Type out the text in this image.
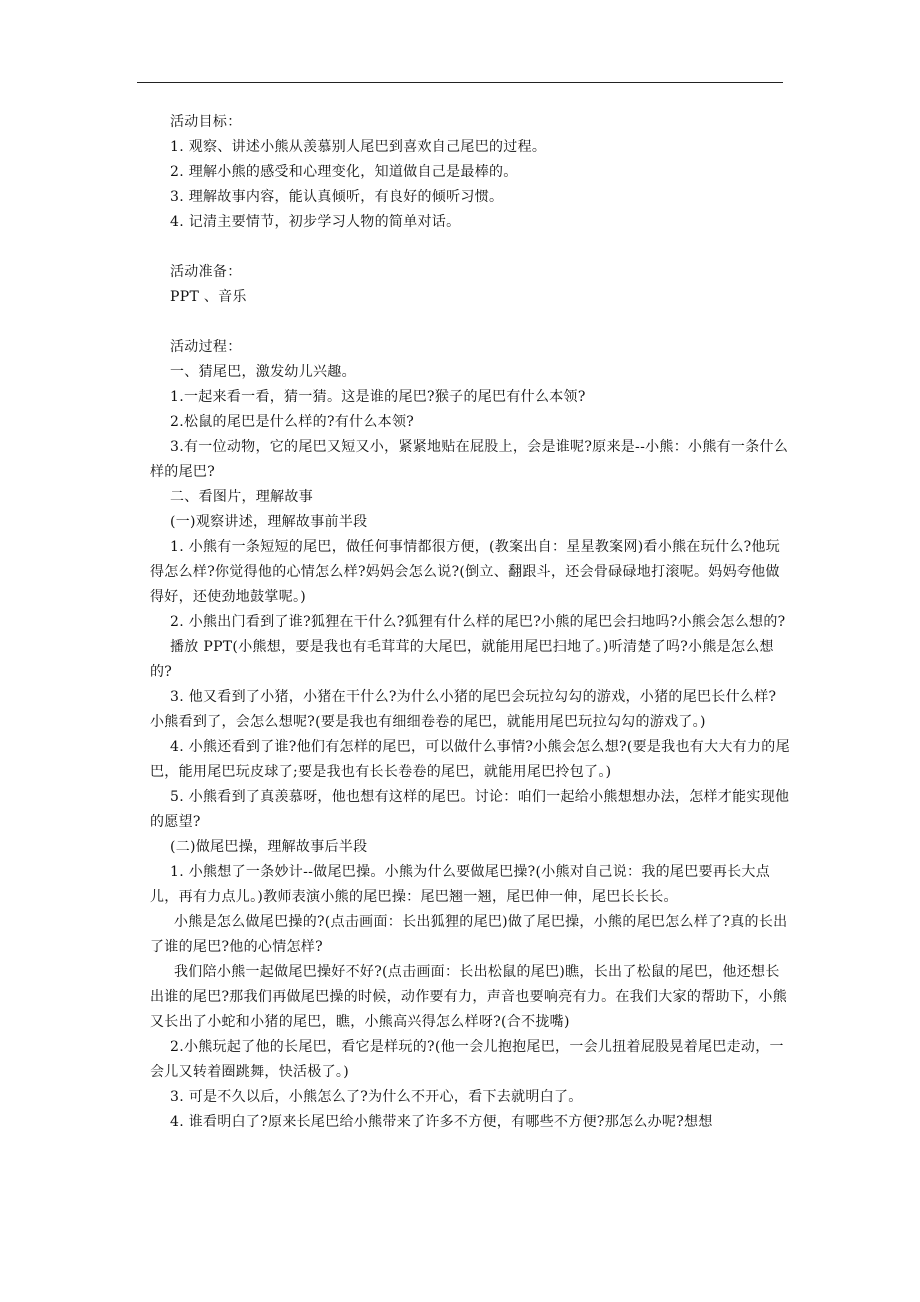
活动目标：
1. 观察、讲述小熊从羡慕别人尾巴到喜欢自己尾巴的过程。
2. 理解小熊的感受和心理变化，知道做自己是最棒的。
3. 理解故事内容，能认真倾听，有良好的倾听习惯。
4. 记清主要情节，初步学习人物的简单对话。
活动准备：
PPT 、音乐
活动过程：
一、猜尾巴，激发幼儿兴趣。
1.一起来看一看，猜一猜。这是谁的尾巴?猴子的尾巴有什么本领?
2.松鼠的尾巴是什么样的?有什么本领?
3.有一位动物，它的尾巴又短又小，紧紧地贴在屁股上，会是谁呢?原来是--小熊：小熊有一条什么样的尾巴?
二、看图片，理解故事
(一)观察讲述，理解故事前半段
1. 小熊有一条短短的尾巴，做任何事情都很方便，(教案出自：星星教案网)看小熊在玩什么?他玩得怎么样?你觉得他的心情怎么样?妈妈会怎么说?(倒立、翻跟斗，还会骨碌碌地打滚呢。妈妈夸他做得好，还使劲地鼓掌呢。)
2. 小熊出门看到了谁?狐狸在干什么?狐狸有什么样的尾巴?小熊的尾巴会扫地吗?小熊会怎么想的?
播放 PPT(小熊想，要是我也有毛茸茸的大尾巴，就能用尾巴扫地了。)听清楚了吗?小熊是怎么想的?
3. 他又看到了小猪，小猪在干什么?为什么小猪的尾巴会玩拉勾勾的游戏，小猪的尾巴长什么样?小熊看到了，会怎么想呢?(要是我也有细细卷卷的尾巴，就能用尾巴玩拉勾勾的游戏了。)
4. 小熊还看到了谁?他们有怎样的尾巴，可以做什么事情?小熊会怎么想?(要是我也有大大有力的尾巴，能用尾巴玩皮球了;要是我也有长长卷卷的尾巴，就能用尾巴拎包了。)
5. 小熊看到了真羡慕呀，他也想有这样的尾巴。讨论：咱们一起给小熊想想办法，怎样才能实现他的愿望?
(二)做尾巴操，理解故事后半段
1. 小熊想了一条妙计--做尾巴操。小熊为什么要做尾巴操?(小熊对自己说：我的尾巴要再长大点儿，再有力点儿。)教师表演小熊的尾巴操：尾巴翘一翘，尾巴伸一伸，尾巴长长长。
小熊是怎么做尾巴操的?(点击画面：长出狐狸的尾巴)做了尾巴操，小熊的尾巴怎么样了?真的长出了谁的尾巴?他的心情怎样?
我们陪小熊一起做尾巴操好不好?(点击画面：长出松鼠的尾巴)瞧，长出了松鼠的尾巴，他还想长出谁的尾巴?那我们再做尾巴操的时候，动作要有力，声音也要响亮有力。在我们大家的帮助下，小熊又长出了小蛇和小猪的尾巴，瞧，小熊高兴得怎么样呀?(合不拢嘴)
2.小熊玩起了他的长尾巴，看它是样玩的?(他一会儿抱抱尾巴，一会儿扭着屁股晃着尾巴走动，一会儿又转着圈跳舞，快活极了。)
3. 可是不久以后，小熊怎么了?为什么不开心，看下去就明白了。
4. 谁看明白了?原来长尾巴给小熊带来了许多不方便，有哪些不方便?那怎么办呢?想想
